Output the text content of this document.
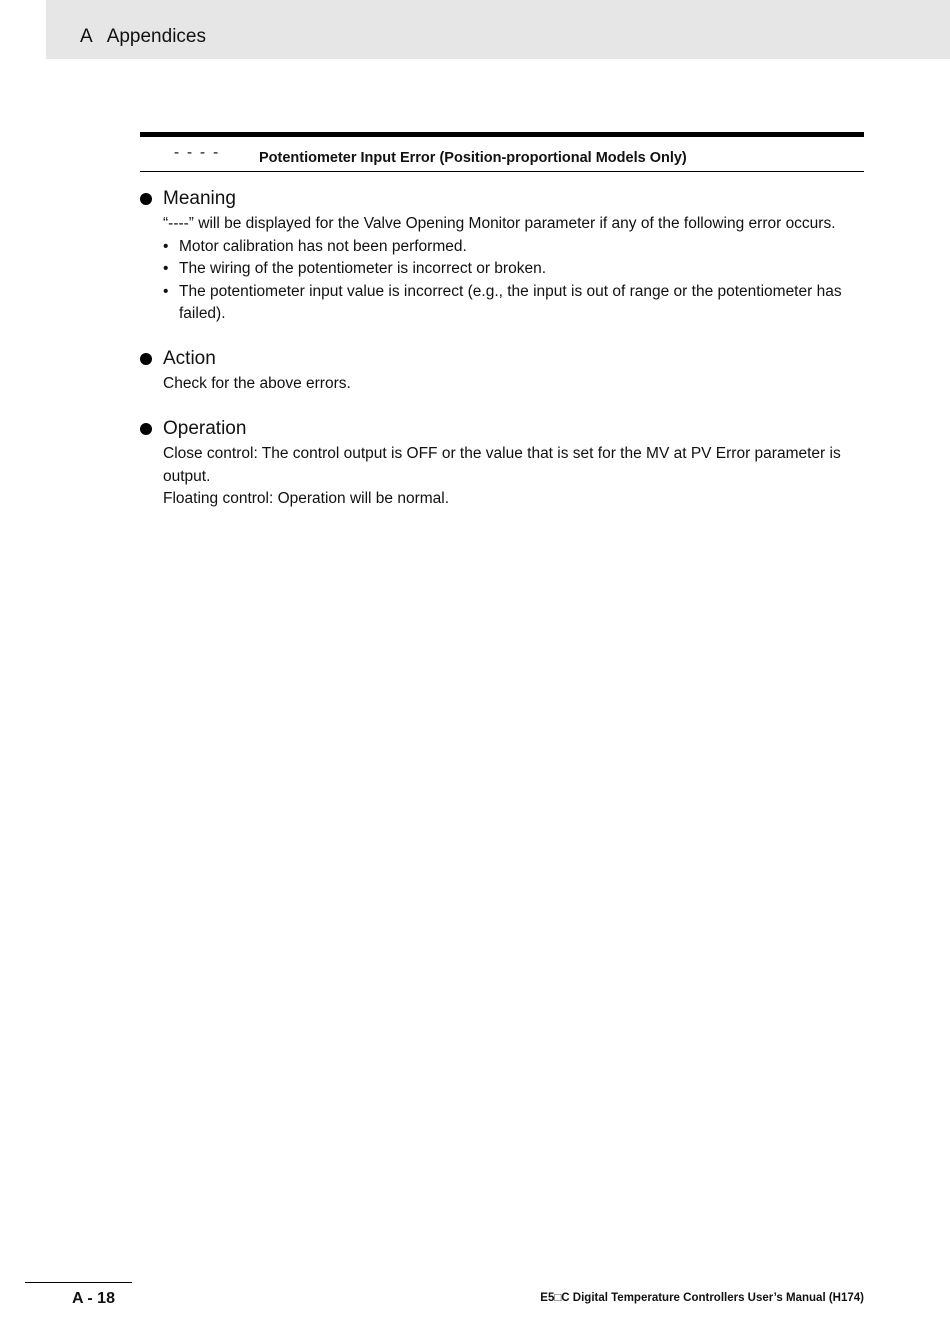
A Appendices
---- Potentiometer Input Error (Position-proportional Models Only)
Meaning

“----” will be displayed for the Valve Opening Monitor parameter if any of the following error occurs.

• Motor calibration has not been performed.
• The wiring of the potentiometer is incorrect or broken.
• The potentiometer input value is incorrect (e.g., the input is out of range or the potentiometer has failed).
Action

Check for the above errors.

Operation

Close control: The control output is OFF or the value that is set for the MV at PV Error parameter is output.

Floating control: Operation will be normal.

A - 18	E5□C Digital Temperature Controllers User’s Manual (H174)
